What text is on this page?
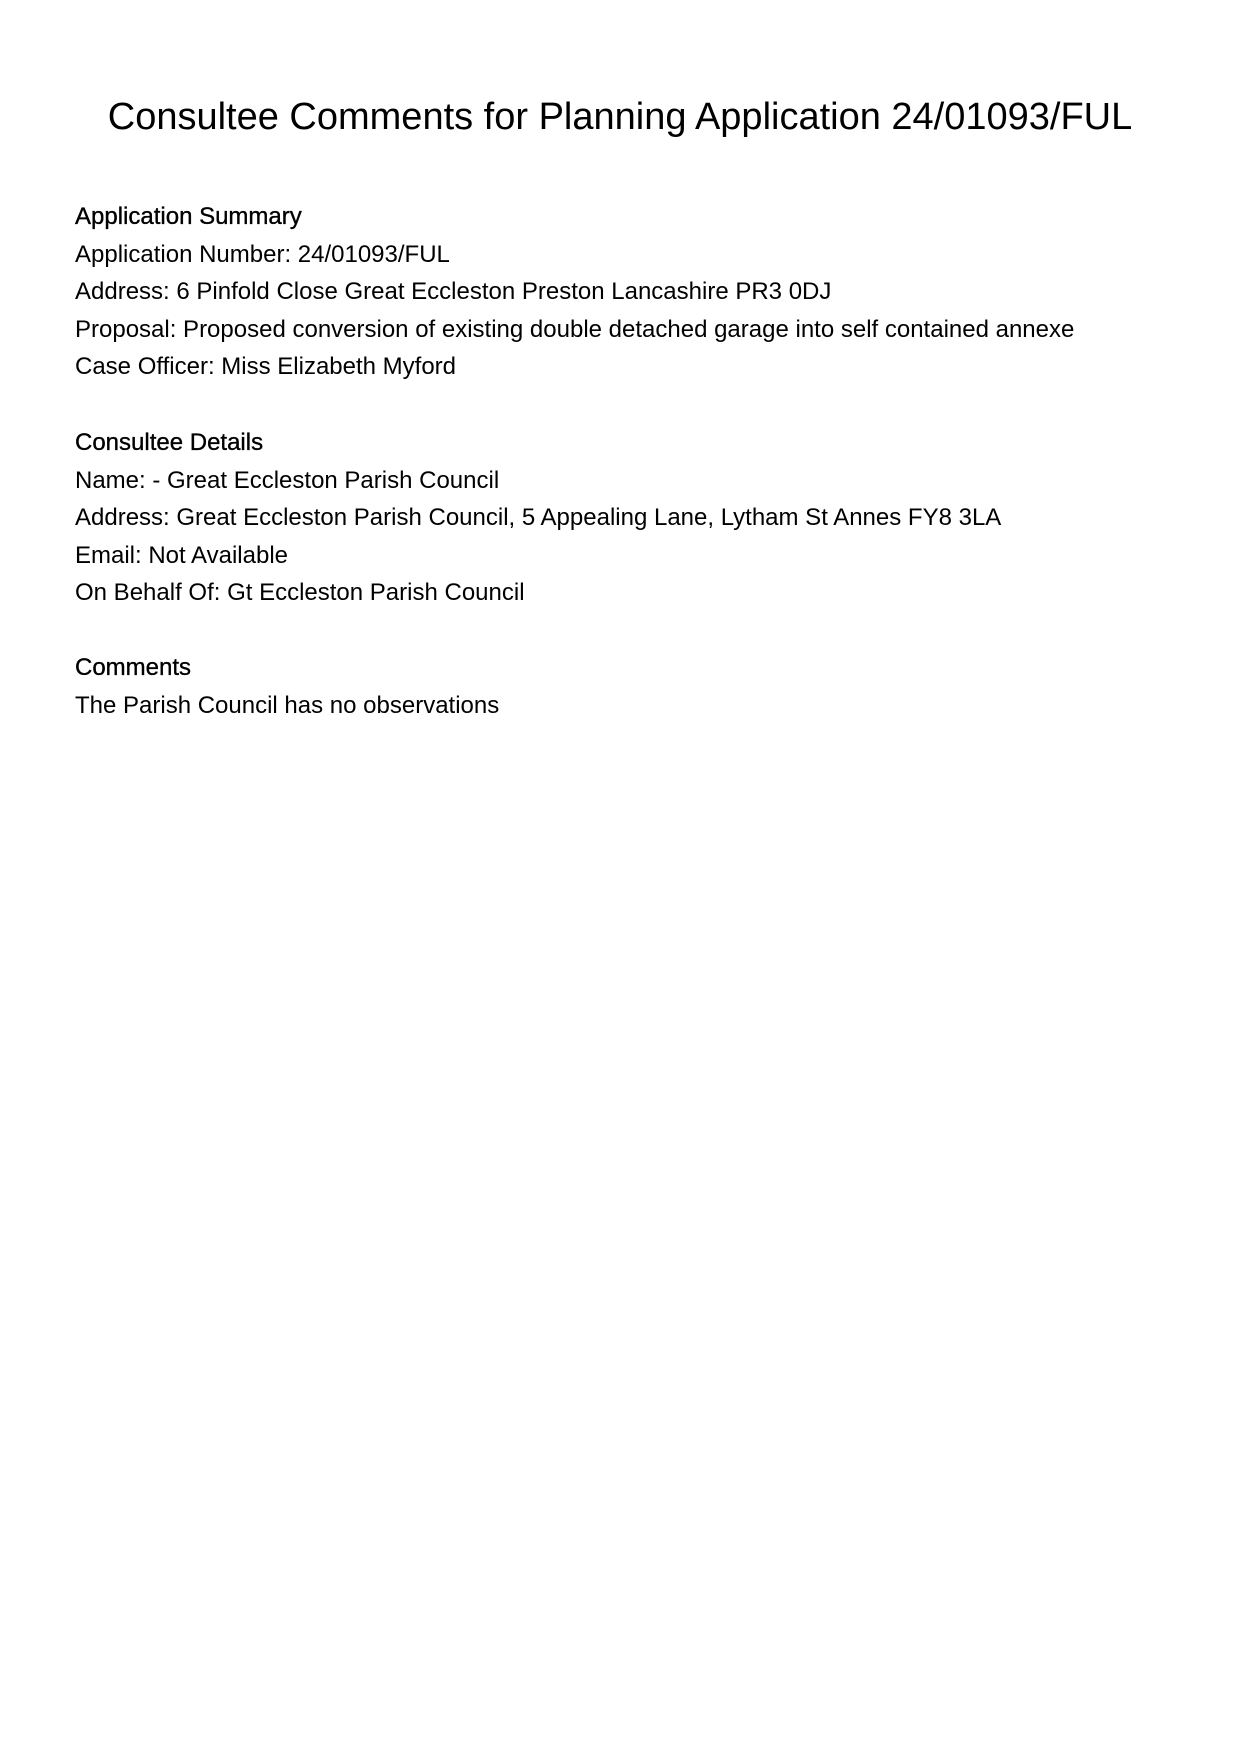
Consultee Comments for Planning Application 24/01093/FUL
Application Summary
Application Number: 24/01093/FUL
Address: 6 Pinfold Close Great Eccleston Preston Lancashire PR3 0DJ
Proposal: Proposed conversion of existing double detached garage into self contained annexe
Case Officer: Miss Elizabeth Myford
Consultee Details
Name: - Great Eccleston Parish Council
Address: Great Eccleston Parish Council, 5 Appealing Lane, Lytham St Annes FY8 3LA
Email: Not Available
On Behalf Of: Gt Eccleston Parish Council
Comments
The Parish Council has no observations
